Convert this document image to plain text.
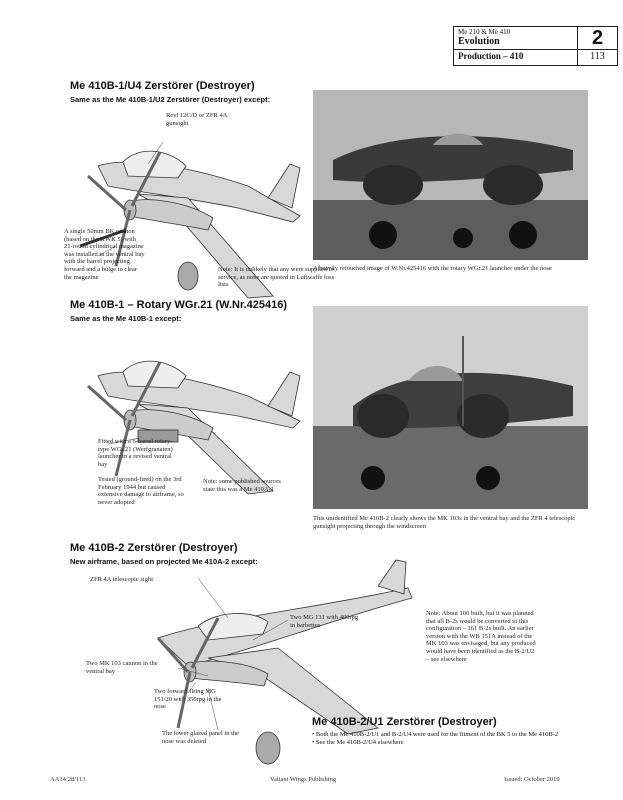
Me 210 & Me 410
Evolution	2
Production – 410	113
Me 410B-1/U4 Zerstörer (Destroyer)
Same as the Me 410B-1/U2 Zerstörer (Destroyer) except:
Revi 12C/D or ZFR 4A gunsight
A single 50mm BK cannon (based on the KWK 5) with 21-round cylindrical magazine was installed in the ventral bay with the barrel projecting forward and a bulge to clear the magazine
Note: It is unlikely that any were supplied to service, as none are quoted in Luftwaffe loss lists
A heavily retouched image of W.Nr.425416 with the rotary WGr.21 launcher under the nose
Me 410B-1 – Rotary WGr.21 (W.Nr.425416)
Same as the Me 410B-1 except:
Fitted with a 6-barrel rotary-type WGr.21 (Werfgranaten) launcher in a revised ventral bay
Tested (ground-fired) on the 3rd February 1944 but caused extensive damage to airframe, so never adopted
Note: some published sources state this was a Me 410A-1
This unidentified Me 410B-2 clearly shows the MK 103s in the ventral bay and the ZFR 4 telescopic gunsight projecting through the windscreen
Me 410B-2 Zerstörer (Destroyer)
New airframe, based on projected Me 410A-2 except:
ZFR 4A telescopic sight
Two MG 131 with 400rpg in barbettes
Two MK 103 cannon in the ventral bay
Two forward firing MG 151/20 with 350rpg in the nose
The lower glazed panel in the nose was deleted
Note: About 100 built, but it was planned that all B-2s would be converted to this configuration – 161 B-2s built. An earlier version with the WB 151A instead of the MK 103 was envisaged, but any produced would have been identified as the B-2/U2 – see elsewhere
Me 410B-2/U1 Zerstörer (Destroyer)
• Both the Me 410B-2/U1 and B-2/U4 were used for the fitment of the BK 5 to the Me 410B-2
• See the Me 410B-2/U4 elsewhere
AA14/28/113	Valiant Wings Publishing	Issued: October 2019
